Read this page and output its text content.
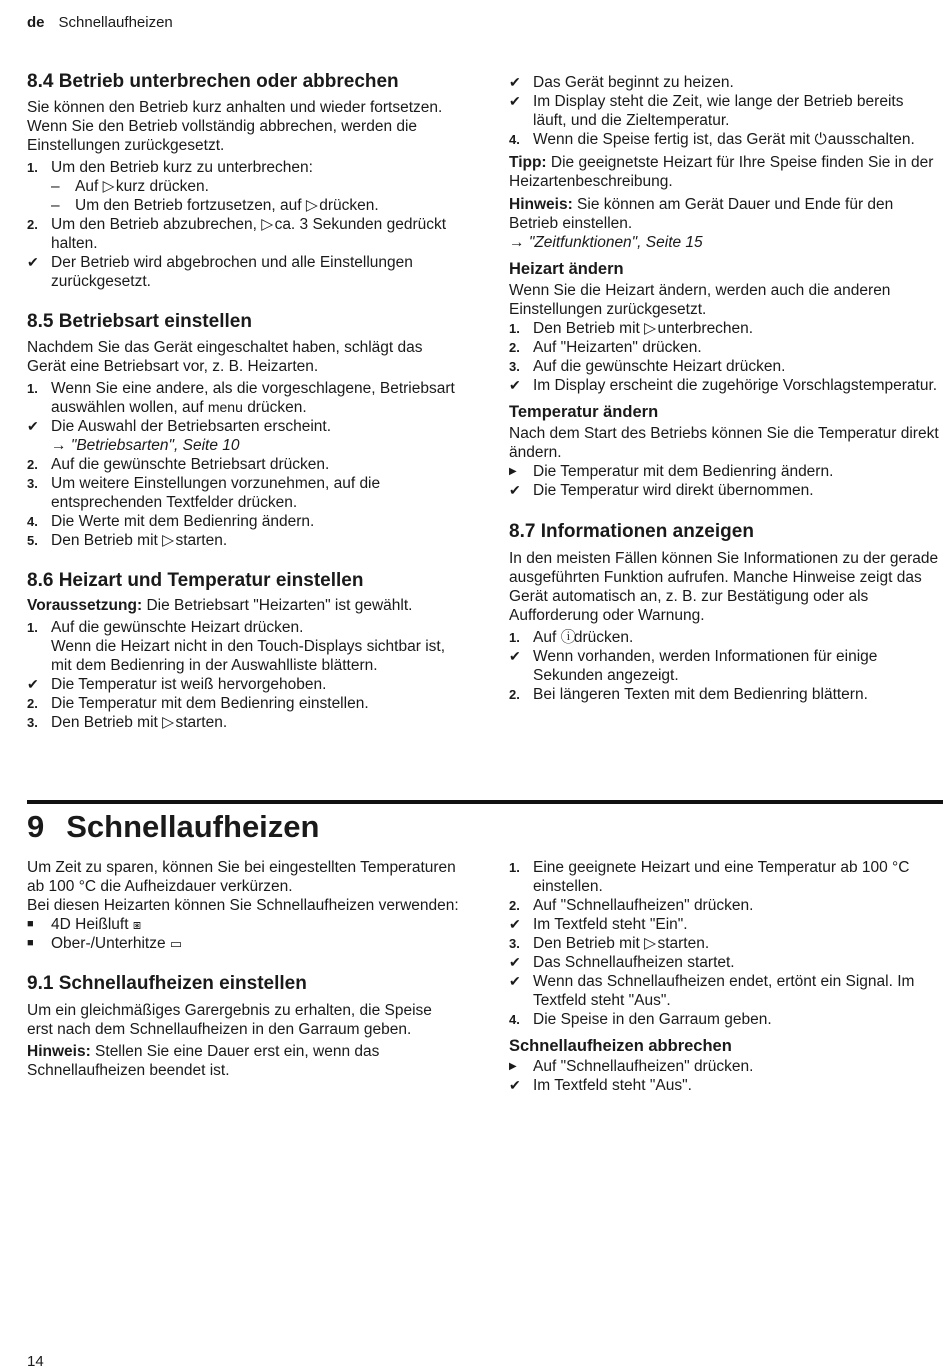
de Schnellaufheizen
8.4 Betrieb unterbrechen oder abbrechen

Sie können den Betrieb kurz anhalten und wieder fortsetzen. Wenn Sie den Betrieb vollständig abbrechen, werden die Einstellungen zurückgesetzt.

1. Um den Betrieb kurz zu unterbrechen:
– Auf ▷ kurz drücken.
– Um den Betrieb fortzusetzen, auf ▷ drücken.
2. Um den Betrieb abzubrechen, ▷ ca. 3 Sekunden gedrückt halten.
✔ Der Betrieb wird abgebrochen und alle Einstellungen zurückgesetzt.
8.5 Betriebsart einstellen

Nachdem Sie das Gerät eingeschaltet haben, schlägt das Gerät eine Betriebsart vor, z. B. Heizarten.

1. Wenn Sie eine andere, als die vorgeschlagene, Betriebsart auswählen wollen, auf menu drücken.
✔ Die Auswahl der Betriebsarten erscheint.
→ "Betriebsarten", Seite 10
2. Auf die gewünschte Betriebsart drücken.
3. Um weitere Einstellungen vorzunehmen, auf die entsprechenden Textfelder drücken.
4. Die Werte mit dem Bedienring ändern.
5. Den Betrieb mit ▷ starten.
8.6 Heizart und Temperatur einstellen

Voraussetzung: Die Betriebsart "Heizarten" ist gewählt.

1. Auf die gewünschte Heizart drücken.
Wenn die Heizart nicht in den Touch-Displays sichtbar ist, mit dem Bedienring in der Auswahlliste blättern.
✔ Die Temperatur ist weiß hervorgehoben.
2. Die Temperatur mit dem Bedienring einstellen.
3. Den Betrieb mit ▷ starten.
✔ Das Gerät beginnt zu heizen.
✔ Im Display steht die Zeit, wie lange der Betrieb bereits läuft, und die Zieltemperatur.
4. Wenn die Speise fertig ist, das Gerät mit ⏻ ausschalten.

Tipp: Die geeignetste Heizart für Ihre Speise finden Sie in der Heizartenbeschreibung.

Hinweis: Sie können am Gerät Dauer und Ende für den Betrieb einstellen.

→ "Zeitfunktionen", Seite 15
Heizart ändern

Wenn Sie die Heizart ändern, werden auch die anderen Einstellungen zurückgesetzt.

1. Den Betrieb mit ▷ unterbrechen.
2. Auf "Heizarten" drücken.
3. Auf die gewünschte Heizart drücken.
✔ Im Display erscheint die zugehörige Vorschlagstemperatur.
Temperatur ändern

Nach dem Start des Betriebs können Sie die Temperatur direkt ändern.

▶ Die Temperatur mit dem Bedienring ändern.
✔ Die Temperatur wird direkt übernommen.
8.7 Informationen anzeigen

In den meisten Fällen können Sie Informationen zu der gerade ausgeführten Funktion aufrufen. Manche Hinweise zeigt das Gerät automatisch an, z. B. zur Bestätigung oder als Aufforderung oder Warnung.

1. Auf ⓘ drücken.
✔ Wenn vorhanden, werden Informationen für einige Sekunden angezeigt.
2. Bei längeren Texten mit dem Bedienring blättern.
9 Schnellaufheizen

Um Zeit zu sparen, können Sie bei eingestellten Temperaturen ab 100 °C die Aufheizdauer verkürzen.

Bei diesen Heizarten können Sie Schnellaufheizen verwenden:

■ 4D Heißluft ⧆
■ Ober-/Unterhitze ▭
9.1 Schnellaufheizen einstellen

Um ein gleichmäßiges Garergebnis zu erhalten, die Speise erst nach dem Schnellaufheizen in den Garraum geben.

Hinweis: Stellen Sie eine Dauer erst ein, wenn das Schnellaufheizen beendet ist.

1. Eine geeignete Heizart und eine Temperatur ab 100 °C einstellen.
2. Auf "Schnellaufheizen" drücken.
✔ Im Textfeld steht "Ein".
3. Den Betrieb mit ▷ starten.
✔ Das Schnellaufheizen startet.
✔ Wenn das Schnellaufheizen endet, ertönt ein Signal. Im Textfeld steht "Aus".
4. Die Speise in den Garraum geben.
Schnellaufheizen abbrechen
▶ Auf "Schnellaufheizen" drücken.
✔ Im Textfeld steht "Aus".
14
